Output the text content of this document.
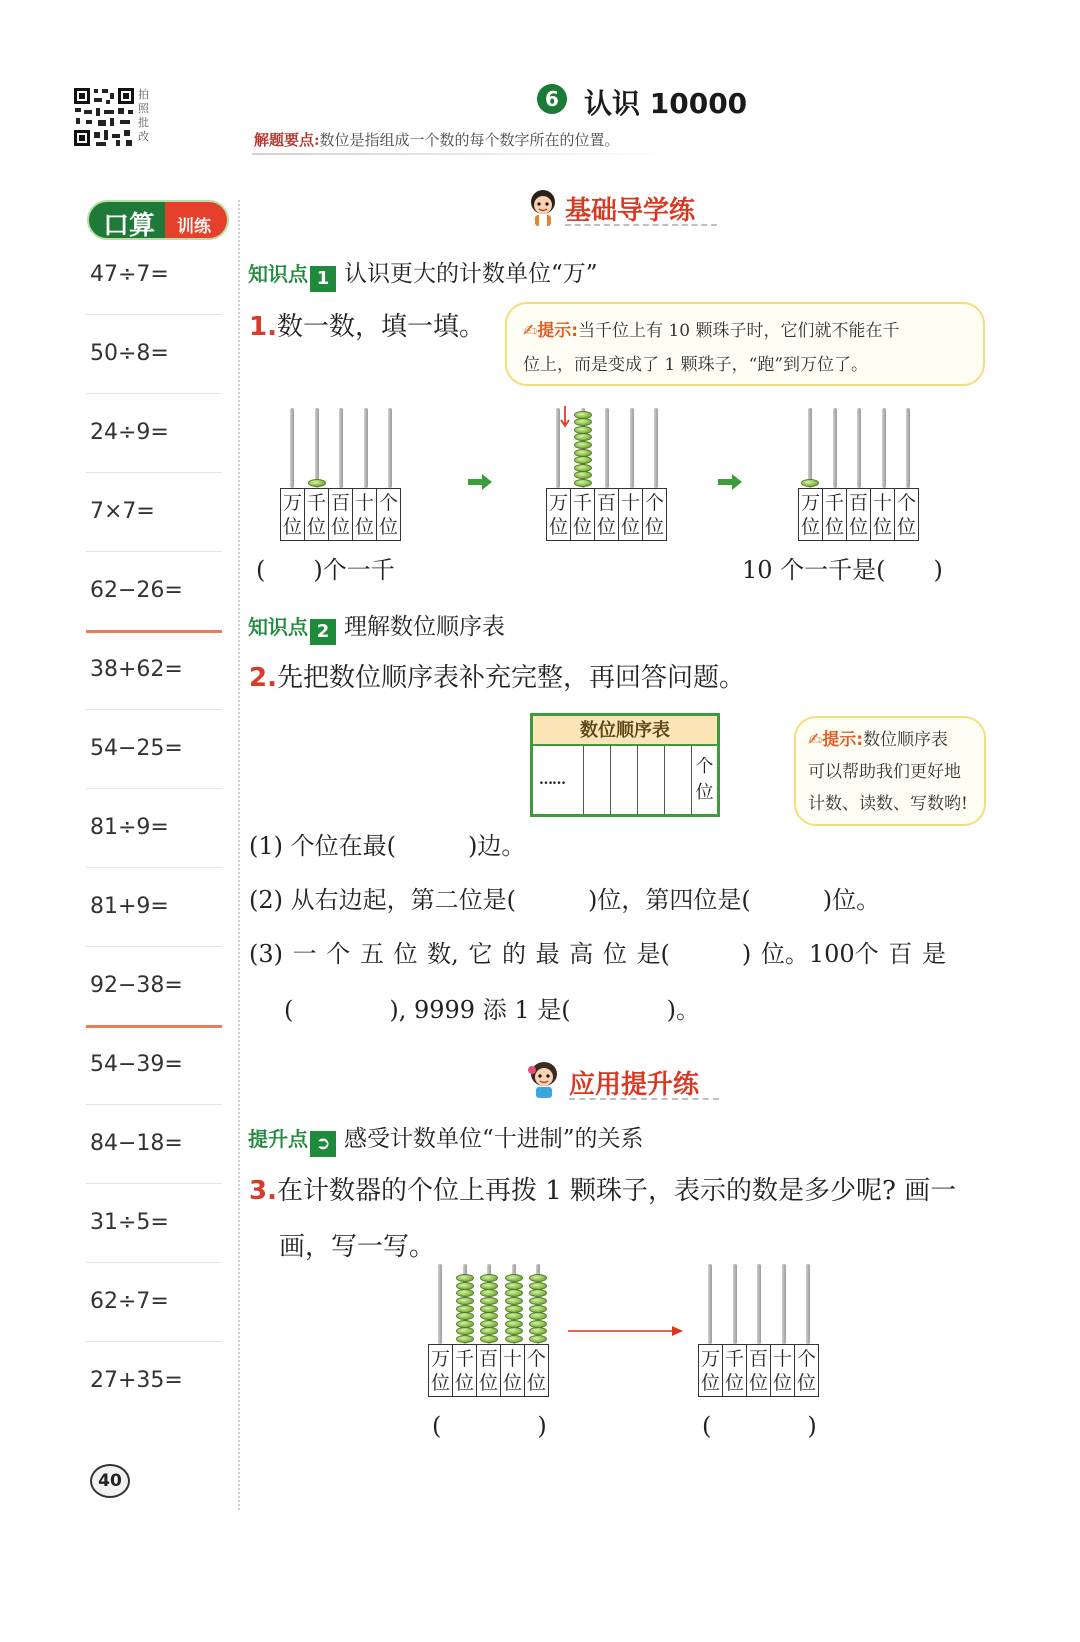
拍照批改
6 认识 10000
解题要点:数位是指组成一个数的每个数字所在的位置。
口算 训练
47÷7=
50÷8=
24÷9=
7×7=
62−26=
38+62=
54−25=
81÷9=
81+9=
92−38=
54−39=
84−18=
31÷5=
62÷7=
27+35=
基础导学练
知识点 1 认识更大的计数单位“万”
1.数一数，填一填。 ✍提示:当千位上有 10 颗珠子时，它们就不能在千
位上，而是变成了 1 颗珠子，“跑”到万位了。
万
位

千
位

百
位

十
位

个
位
万
位

千
位

百
位

十
位

个
位
万
位

千
位

百
位

十
位

个
位
(　　)个一千	10 个一千是(　　)
知识点 2 理解数位顺序表
2.先把数位顺序表补充完整，再回答问题。
数位顺序表
……
个
位
✍提示:数位顺序表
可以帮助我们更好地
计数、读数、写数哟!
(1) 个位在最(　　　)边。
(2) 从右边起，第二位是(　　　)位，第四位是(　　　)位。
(3) 一 个 五 位 数, 它 的 最 高 位 是(　　　) 位。100个 百 是
(　　　　), 9999 添 1 是(　　　　)。
应用提升练
提升点 ➲ 感受计数单位“十进制”的关系
3.在计数器的个位上再拨 1 颗珠子，表示的数是多少呢? 画一
画，写一写。
万
位

千
位

百
位

十
位

个
位
万
位

千
位

百
位

十
位

个
位
(　　　　)	(　　　　)
40
